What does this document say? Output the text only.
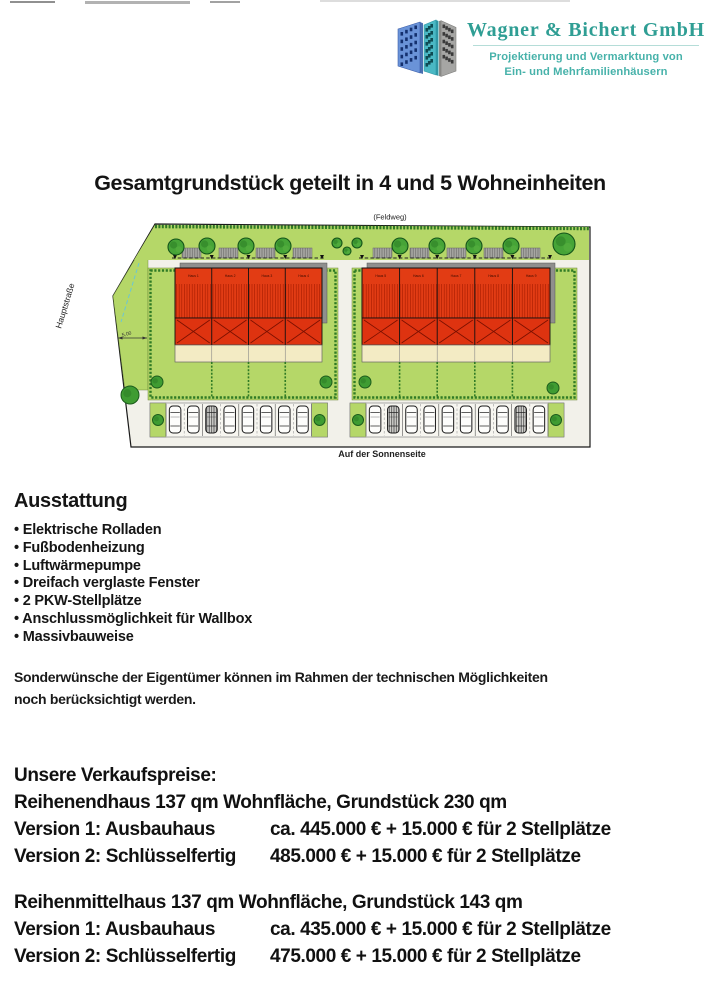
Wagner & Bichert GmbH
Projektierung und Vermarktung von
Ein- und Mehrfamilienhäusern
Gesamtgrundstück geteilt in 4 und 5 Wohneinheiten
Haus 1	Haus 2	Haus 3	Haus 4	Haus 5	Haus 6	Haus 7	Haus 8	Haus 9
(Feldweg)
Hauptstraße
Auf der Sonnenseite
5,00
Ausstattung
• Elektrische Rolladen
• Fußbodenheizung
• Luftwärmepumpe
• Dreifach verglaste Fenster
• 2 PKW-Stellplätze
• Anschlussmöglichkeit für Wallbox
• Massivbauweise
Sonderwünsche der Eigentümer können im Rahmen der technischen Möglichkeiten
noch berücksichtigt werden.
Unsere Verkaufspreise:
Reihenendhaus 137 qm Wohnfläche, Grundstück 230 qm
Version 1: Ausbauhaus	ca. 445.000 € + 15.000 € für 2 Stellplätze
Version 2: Schlüsselfertig	485.000 € + 15.000 € für 2 Stellplätze
Reihenmittelhaus 137 qm Wohnfläche, Grundstück 143 qm
Version 1: Ausbauhaus	ca. 435.000 € + 15.000 € für 2 Stellplätze
Version 2: Schlüsselfertig	475.000 € + 15.000 € für 2 Stellplätze
